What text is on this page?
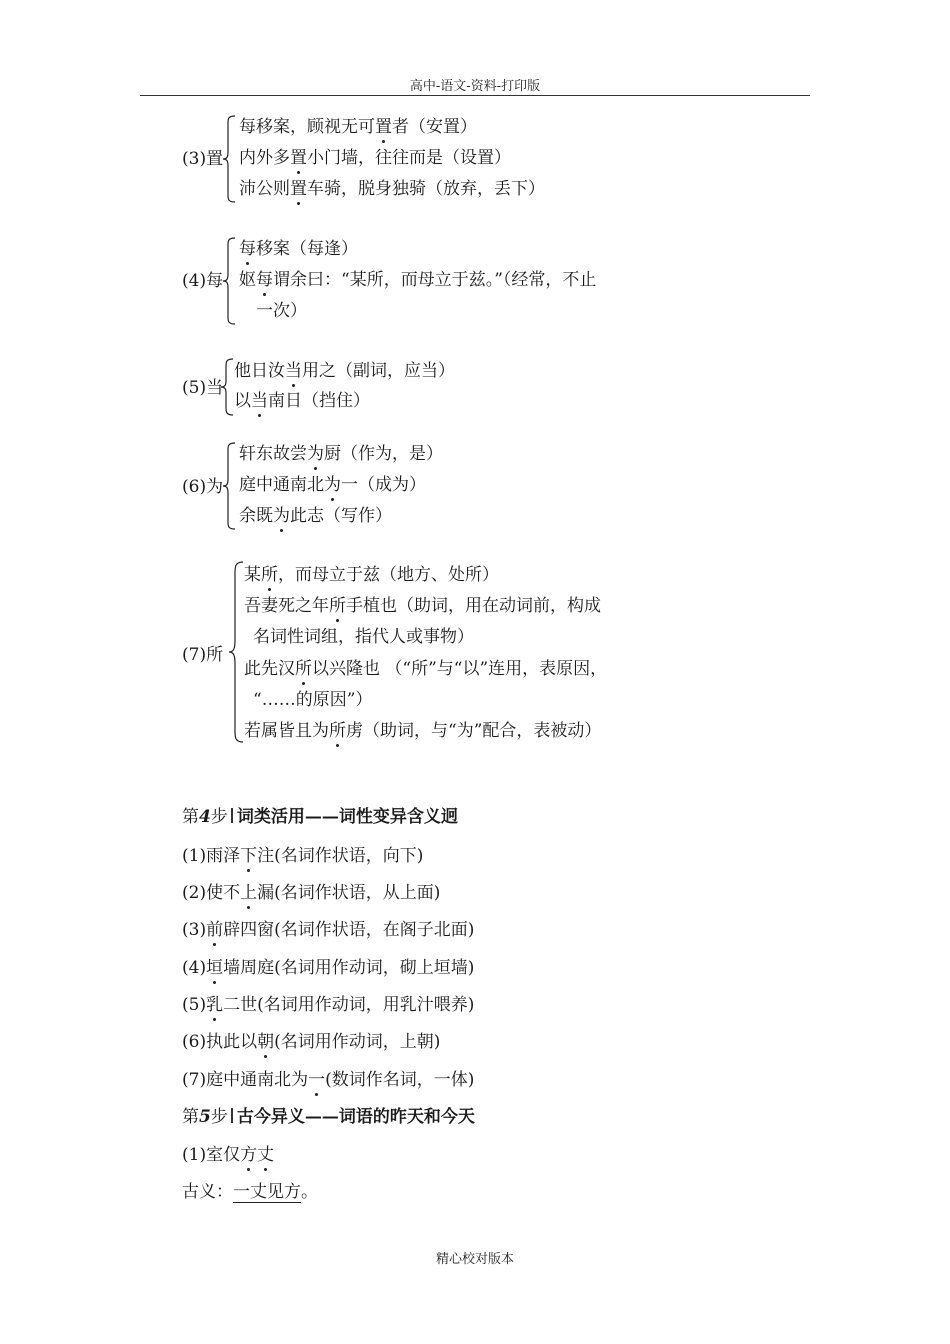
高中-语文-资料-打印版
(3)置
每移案，顾视无可置者（安置）
内外多置小门墙，往往而是（设置）
沛公则置车骑，脱身独骑（放弃，丢下）
(4)每
每移案（每逢）
妪每谓余曰：“某所，而母立于兹。”（经常，不止
一次）
(5)当
他日汝当用之（副词，应当）
以当南日（挡住）
(6)为
轩东故尝为厨（作为，是）
庭中通南北为一（成为）
余既为此志（写作）
(7)所
某所，而母立于兹（地方、处所）
吾妻死之年所手植也（助词，用在动词前，构成
名词性词组，指代人或事物）
此先汉所以兴隆也 （“所”与“以”连用，表原因，
“……的原因”）
若属皆且为所虏（助词，与“为”配合，表被动）
第4步 词类活用——词性变异含义迥
(1)雨泽下注(名词作状语，向下)
(2)使不上漏(名词作状语，从上面)
(3)前辟四窗(名词作状语，在阁子北面)
(4)垣墙周庭(名词用作动词，砌上垣墙)
(5)乳二世(名词用作动词，用乳汁喂养)
(6)执此以朝(名词用作动词，上朝)
(7)庭中通南北为一(数词作名词，一体)
第5步 古今异义——词语的昨天和今天
(1)室仅方丈
古义：一丈见方。
精心校对版本
